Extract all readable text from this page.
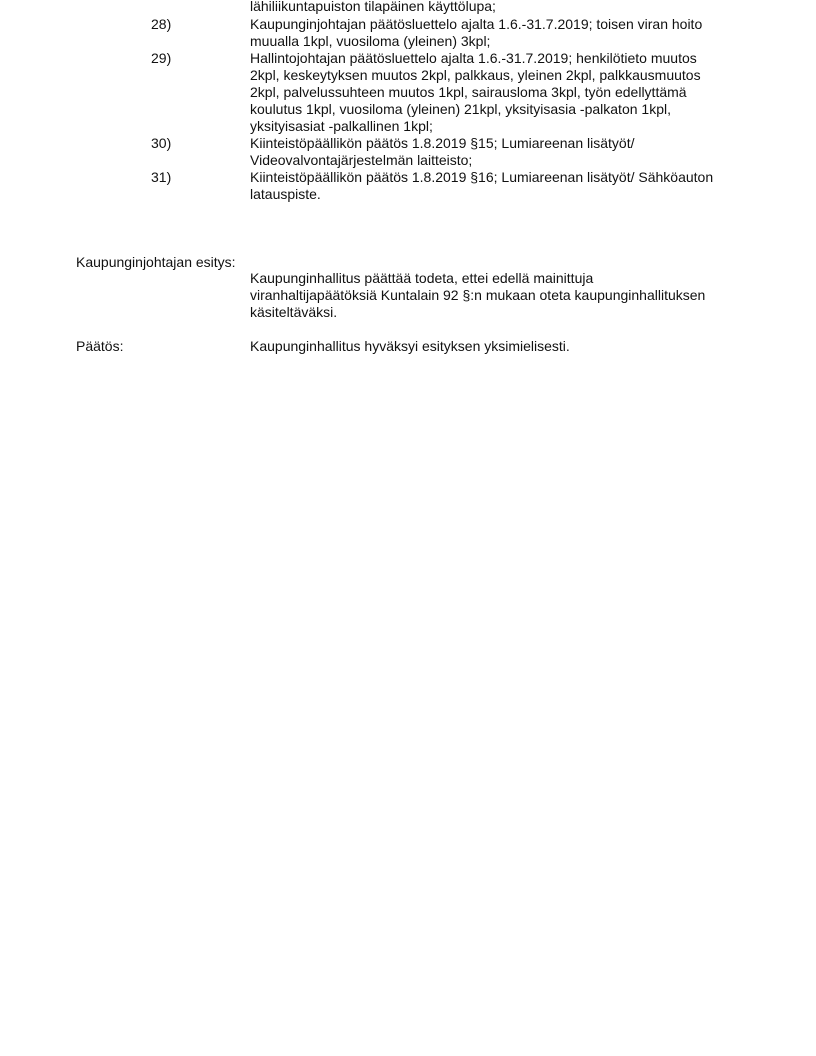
lähiliikuntapuiston tilapäinen käyttölupa;
28)	Kaupunginjohtajan päätösluettelo ajalta 1.6.-31.7.2019; toisen viran hoito
muualla 1kpl, vuosiloma (yleinen) 3kpl;
29)	Hallintojohtajan päätösluettelo ajalta 1.6.-31.7.2019; henkilötieto muutos
2kpl, keskeytyksen muutos 2kpl, palkkaus, yleinen 2kpl, palkkausmuutos
2kpl, palvelussuhteen muutos 1kpl, sairausloma 3kpl, työn edellyttämä
koulutus 1kpl, vuosiloma (yleinen) 21kpl, yksityisasia -palkaton 1kpl,
yksityisasiat -palkallinen 1kpl;
30)	Kiinteistöpäällikön päätös 1.8.2019 §15; Lumiareenan lisätyöt/
Videovalvontajärjestelmän laitteisto;
31)	Kiinteistöpäällikön päätös 1.8.2019 §16; Lumiareenan lisätyöt/ Sähköauton
latauspiste.
Kaupunginjohtajan esitys:
Kaupunginhallitus päättää todeta, ettei edellä mainittuja
viranhaltijapäätöksiä Kuntalain 92 §:n mukaan oteta kaupunginhallituksen
käsiteltäväksi.
Päätös:	Kaupunginhallitus hyväksyi esityksen yksimielisesti.
